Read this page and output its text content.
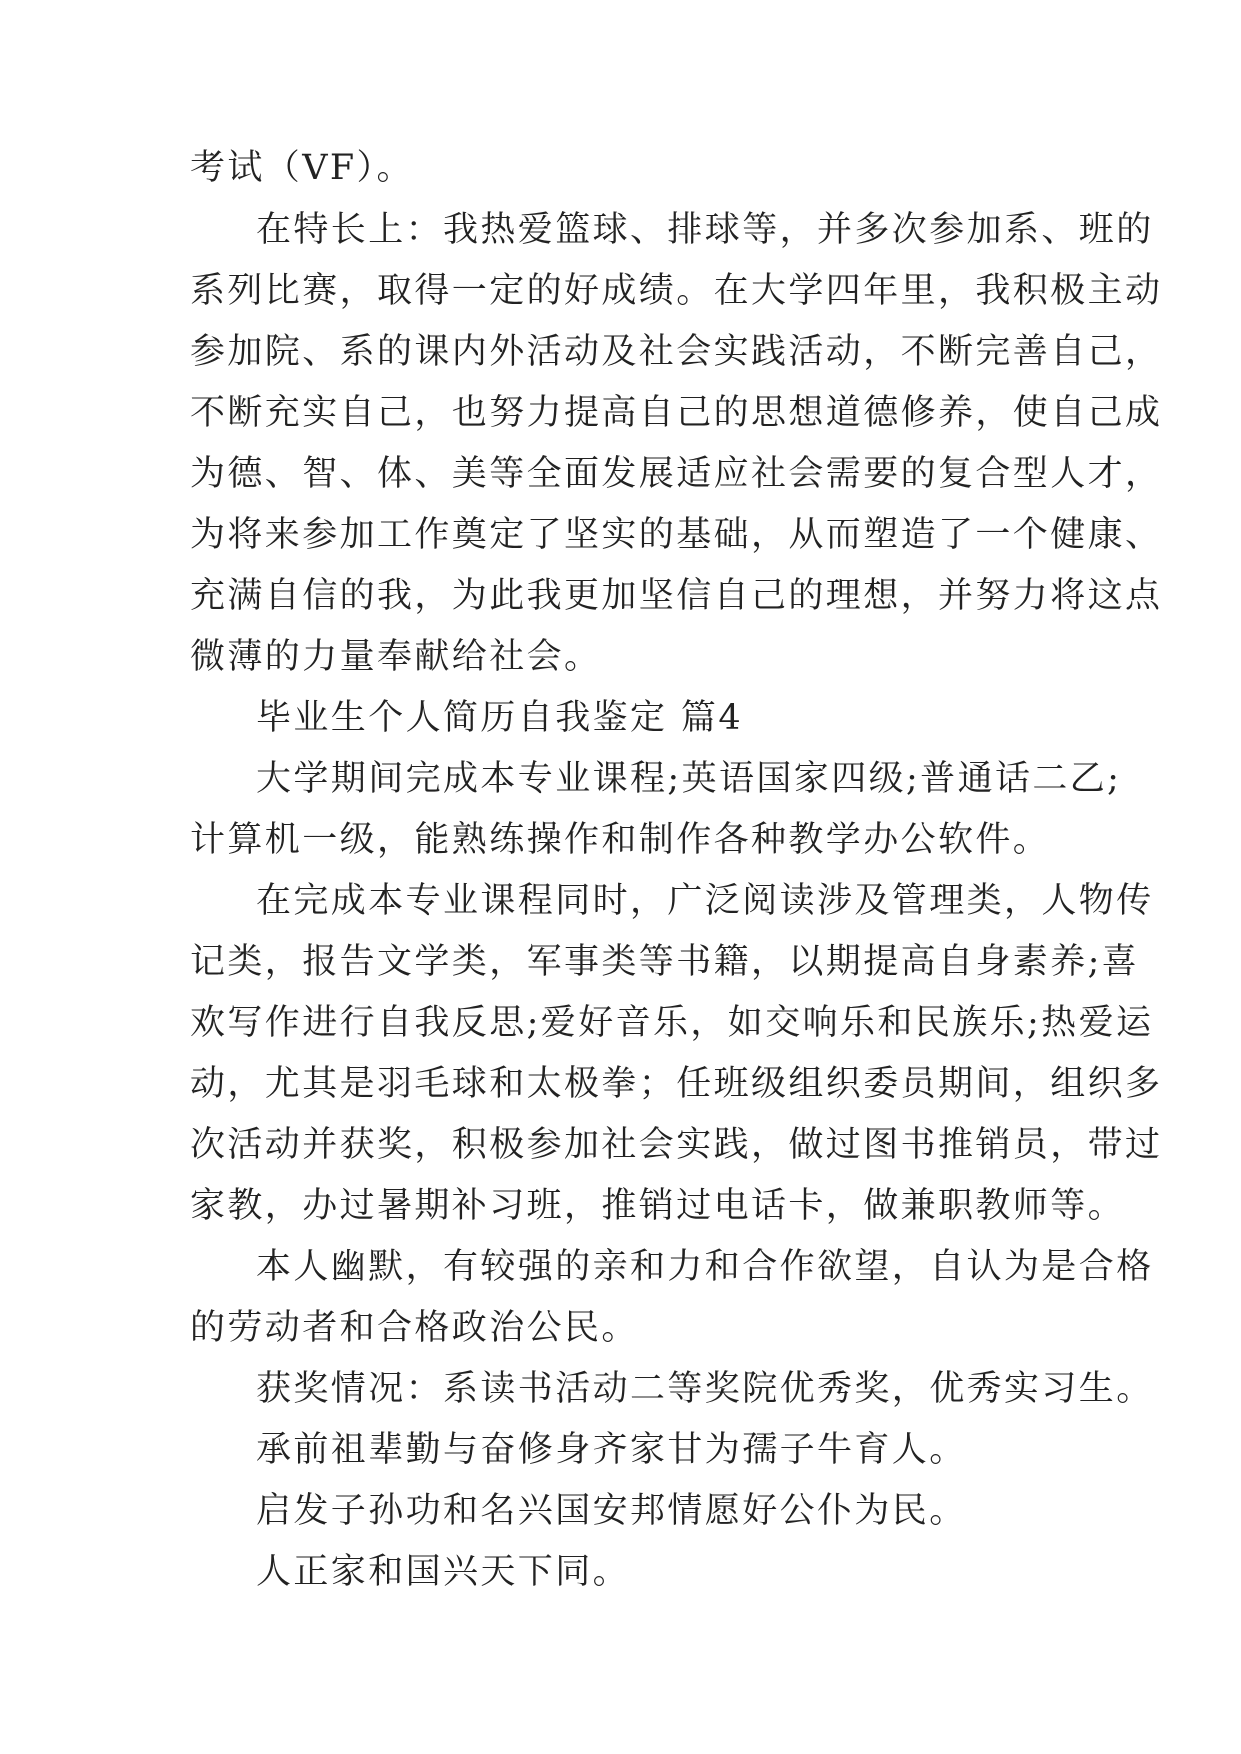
考试（VF）。
在特长上：我热爱篮球、排球等，并多次参加系、班的
系列比赛，取得一定的好成绩。在大学四年里，我积极主动
参加院、系的课内外活动及社会实践活动，不断完善自己，
不断充实自己，也努力提高自己的思想道德修养，使自己成
为德、智、体、美等全面发展适应社会需要的复合型人才，
为将来参加工作奠定了坚实的基础，从而塑造了一个健康、
充满自信的我，为此我更加坚信自己的理想，并努力将这点
微薄的力量奉献给社会。
毕业生个人简历自我鉴定 篇4
大学期间完成本专业课程;英语国家四级;普通话二乙;
计算机一级，能熟练操作和制作各种教学办公软件。
在完成本专业课程同时，广泛阅读涉及管理类，人物传
记类，报告文学类，军事类等书籍，以期提高自身素养;喜
欢写作进行自我反思;爱好音乐，如交响乐和民族乐;热爱运
动，尤其是羽毛球和太极拳；任班级组织委员期间，组织多
次活动并获奖，积极参加社会实践，做过图书推销员，带过
家教，办过暑期补习班，推销过电话卡，做兼职教师等。
本人幽默，有较强的亲和力和合作欲望，自认为是合格
的劳动者和合格政治公民。
获奖情况：系读书活动二等奖院优秀奖，优秀实习生。
承前祖辈勤与奋修身齐家甘为孺子牛育人。
启发子孙功和名兴国安邦情愿好公仆为民。
人正家和国兴天下同。
